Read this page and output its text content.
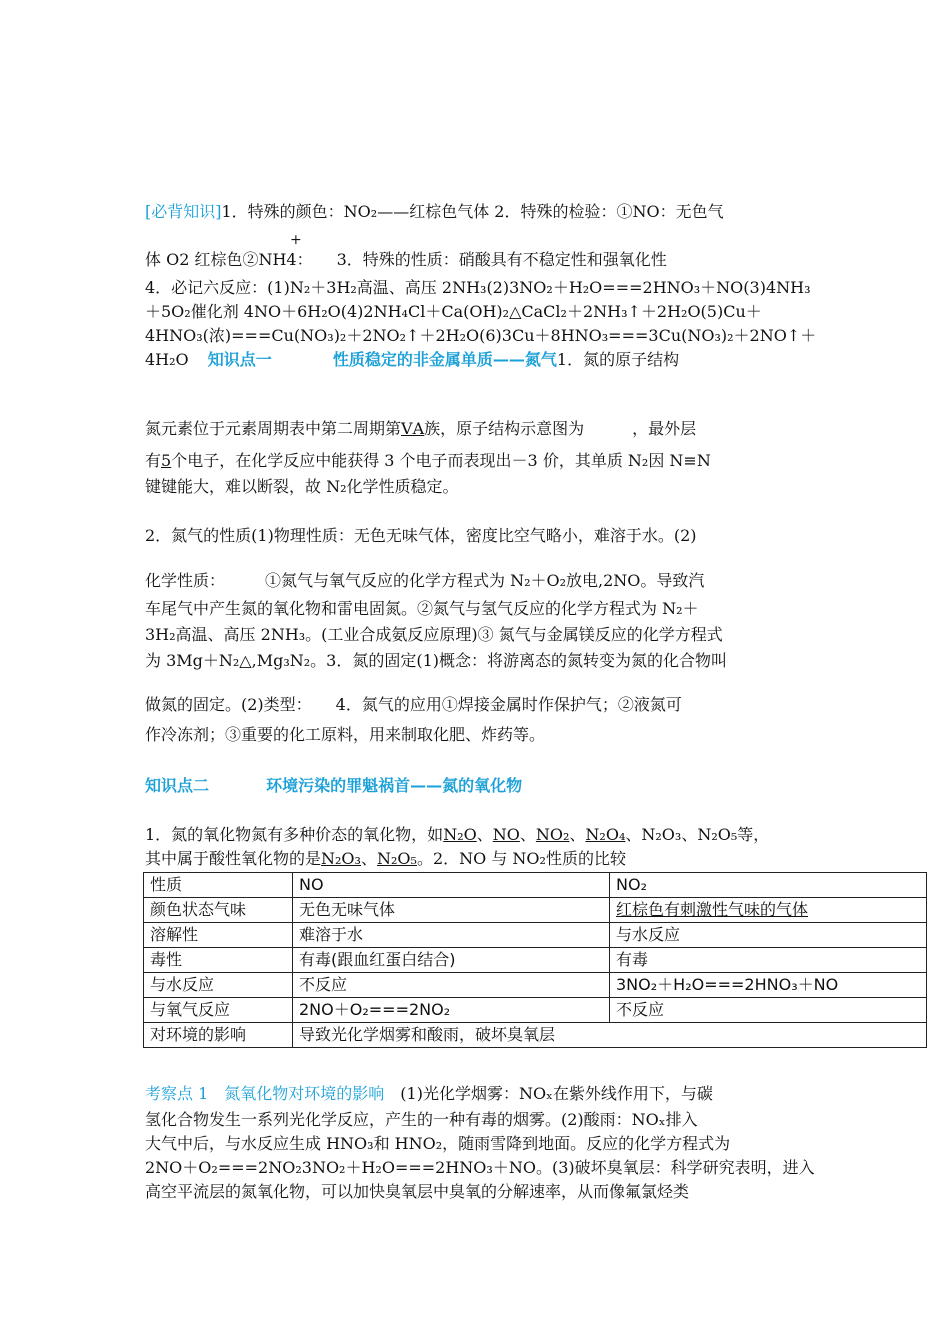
[必背知识]1．特殊的颜色：NO₂——红棕色气体 2．特殊的检验：①NO：无色气
+
体 O2 红棕色②NH4：　　3．特殊的性质：硝酸具有不稳定性和强氧化性
4．必记六反应：(1)N₂＋3H₂高温、高压 2NH₃(2)3NO₂＋H₂O===2HNO₃＋NO(3)4NH₃
＋5O₂催化剂 4NO＋6H₂O(4)2NH₄Cl＋Ca(OH)₂△CaCl₂＋2NH₃↑＋2H₂O(5)Cu＋
4HNO₃(浓)===Cu(NO₃)₂＋2NO₂↑＋2H₂O(6)3Cu＋8HNO₃===3Cu(NO₃)₂＋2NO↑＋
4H₂O 知识点一	性质稳定的非金属单质——氮气1．氮的原子结构
氮元素位于元素周期表中第二周期第ⅤA族，原子结构示意图为　　　，最外层
有5个电子，在化学反应中能获得 3 个电子而表现出－3 价，其单质 N₂因 N≡N
键键能大，难以断裂，故 N₂化学性质稳定。
2．氮气的性质(1)物理性质：无色无味气体，密度比空气略小，难溶于水。(2)
化学性质：　　　①氮气与氧气反应的化学方程式为 N₂＋O₂放电,2NO。导致汽
车尾气中产生氮的氧化物和雷电固氮。②氮气与氢气反应的化学方程式为 N₂＋
3H₂高温、高压 2NH₃。(工业合成氨反应原理)③ 氮气与金属镁反应的化学方程式
为 3Mg＋N₂△,Mg₃N₂。3．氮的固定(1)概念：将游离态的氮转变为氮的化合物叫
做氮的固定。(2)类型：　　4．氮气的应用①焊接金属时作保护气；②液氮可
作冷冻剂；③重要的化工原料，用来制取化肥、炸药等。
知识点二	环境污染的罪魁祸首——氮的氧化物
1．氮的氧化物氮有多种价态的氧化物，如N₂O、NO、NO₂、N₂O₄、N₂O₃、N₂O₅等，
其中属于酸性氧化物的是N₂O₃、N₂O₅。2．NO 与 NO₂性质的比较
性质	NO	NO₂
颜色状态气味	无色无味气体	红棕色有刺激性气味的气体
溶解性	难溶于水	与水反应
毒性	有毒(跟血红蛋白结合)	有毒
与水反应	不反应	3NO₂＋H₂O===2HNO₃＋NO
与氧气反应	2NO＋O₂===2NO₂	不反应
对环境的影响	导致光化学烟雾和酸雨，破坏臭氧层	
考察点 1　氮氧化物对环境的影响　(1)光化学烟雾：NOₓ在紫外线作用下，与碳
氢化合物发生一系列光化学反应，产生的一种有毒的烟雾。(2)酸雨：NOₓ排入
大气中后，与水反应生成 HNO₃和 HNO₂，随雨雪降到地面。反应的化学方程式为
2NO＋O₂===2NO₂3NO₂＋H₂O===2HNO₃＋NO。(3)破坏臭氧层：科学研究表明，进入
高空平流层的氮氧化物，可以加快臭氧层中臭氧的分解速率，从而像氟氯烃类
